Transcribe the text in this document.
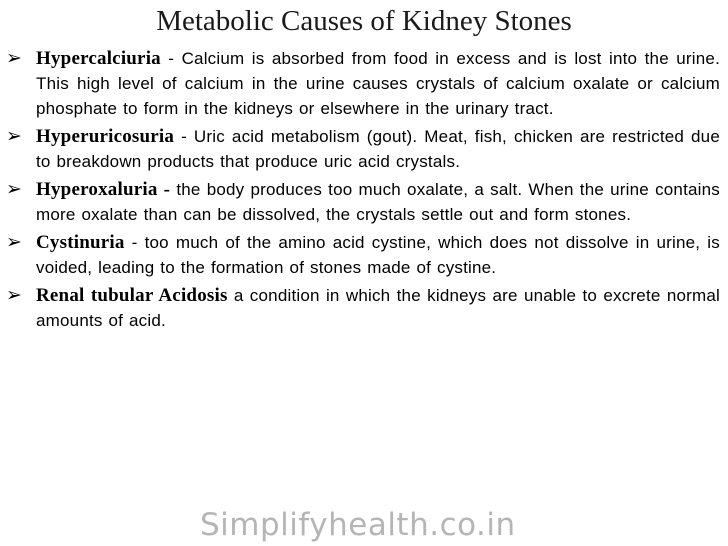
Metabolic Causes of Kidney Stones
➢ Hypercalciuria - Calcium is absorbed from food in excess and is lost into the urine. This high level of calcium in the urine causes crystals of calcium oxalate or calcium phosphate to form in the kidneys or elsewhere in the urinary tract.
➢ Hyperuricosuria - Uric acid metabolism (gout). Meat, fish, chicken are restricted due to breakdown products that produce uric acid crystals.
➢ Hyperoxaluria - the body produces too much oxalate, a salt. When the urine contains more oxalate than can be dissolved, the crystals settle out and form stones.
➢ Cystinuria - too much of the amino acid cystine, which does not dissolve in urine, is voided, leading to the formation of stones made of cystine.
➢ Renal tubular Acidosis a condition in which the kidneys are unable to excrete normal amounts of acid.
Simplifyhealth.co.in
